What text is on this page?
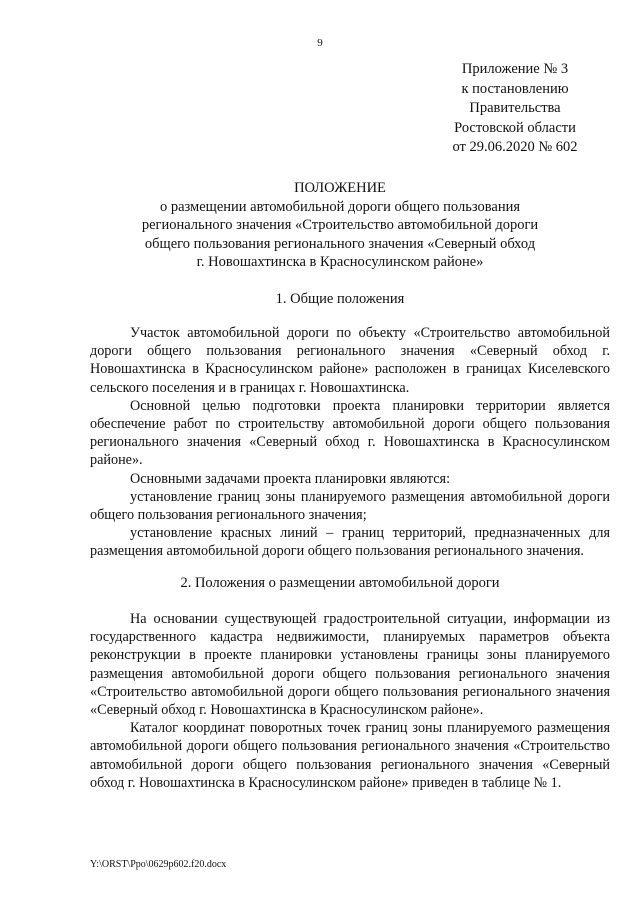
9
Приложение № 3
к постановлению
Правительства
Ростовской области
от 29.06.2020 № 602
ПОЛОЖЕНИЕ
о размещении автомобильной дороги общего пользования
регионального значения «Строительство автомобильной дороги
общего пользования регионального значения «Северный обход
г. Новошахтинска в Красносулинском районе»
1. Общие положения

Участок автомобильной дороги по объекту «Строительство автомобильной дороги общего пользования регионального значения «Северный обход г. Новошахтинска в Красносулинском районе» расположен в границах Киселевского сельского поселения и в границах г. Новошахтинска.

Основной целью подготовки проекта планировки территории является обеспечение работ по строительству автомобильной дороги общего пользования регионального значения «Северный обход г. Новошахтинска в Красносулинском районе».

Основными задачами проекта планировки являются:

установление границ зоны планируемого размещения автомобильной дороги общего пользования регионального значения;

установление красных линий – границ территорий, предназначенных для размещения автомобильной дороги общего пользования регионального значения.

2. Положения о размещении автомобильной дороги

На основании существующей градостроительной ситуации, информации из государственного кадастра недвижимости, планируемых параметров объекта реконструкции в проекте планировки установлены границы зоны планируемого размещения автомобильной дороги общего пользования регионального значения «Строительство автомобильной дороги общего пользования регионального значения «Северный обход г. Новошахтинска в Красносулинском районе».

Каталог координат поворотных точек границ зоны планируемого размещения автомобильной дороги общего пользования регионального значения «Строительство автомобильной дороги общего пользования регионального значения «Северный обход г. Новошахтинска в Красносулинском районе» приведен в таблице № 1.

Y:\ORST\Ppo\0629p602.f20.docx
